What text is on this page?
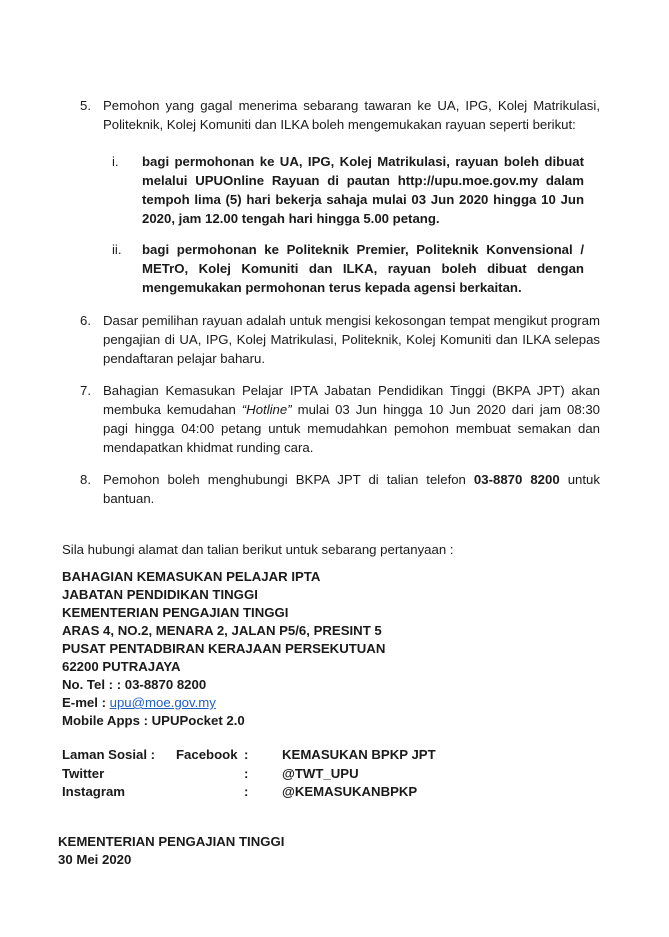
5. Pemohon yang gagal menerima sebarang tawaran ke UA, IPG, Kolej Matrikulasi, Politeknik, Kolej Komuniti dan ILKA boleh mengemukakan rayuan seperti berikut:
i.	bagi permohonan ke UA, IPG, Kolej Matrikulasi, rayuan boleh dibuat melalui UPUOnline Rayuan di pautan http://upu.moe.gov.my dalam tempoh lima (5) hari bekerja sahaja mulai 03 Jun 2020 hingga 10 Jun 2020, jam 12.00 tengah hari hingga 5.00 petang.
ii.	bagi permohonan ke Politeknik Premier, Politeknik Konvensional / METrO, Kolej Komuniti dan ILKA, rayuan boleh dibuat dengan mengemukakan permohonan terus kepada agensi berkaitan.
6. Dasar pemilihan rayuan adalah untuk mengisi kekosongan tempat mengikut program pengajian di UA, IPG, Kolej Matrikulasi, Politeknik, Kolej Komuniti dan ILKA selepas pendaftaran pelajar baharu.
7. Bahagian Kemasukan Pelajar IPTA Jabatan Pendidikan Tinggi (BKPA JPT) akan membuka kemudahan “Hotline” mulai 03 Jun hingga 10 Jun 2020 dari jam 08:30 pagi hingga 04:00 petang untuk memudahkan pemohon membuat semakan dan mendapatkan khidmat runding cara.
8. Pemohon boleh menghubungi BKPA JPT di talian telefon 03-8870 8200 untuk bantuan.
Sila hubungi alamat dan talian berikut untuk sebarang pertanyaan :
BAHAGIAN KEMASUKAN PELAJAR IPTA
JABATAN PENDIDIKAN TINGGI
KEMENTERIAN PENGAJIAN TINGGI
ARAS 4, NO.2, MENARA 2, JALAN P5/6, PRESINT 5
PUSAT PENTADBIRAN KERAJAAN PERSEKUTUAN
62200 PUTRAJAYA
No. Tel : : 03-8870 8200
E-mel : upu@moe.gov.my
Mobile Apps : UPUPocket 2.0
Laman Sosial : Facebook :	KEMASUKAN BPKP JPT
Twitter	:	@TWT_UPU
Instagram	:	@KEMASUKANBPKP
KEMENTERIAN PENGAJIAN TINGGI
30 Mei 2020
